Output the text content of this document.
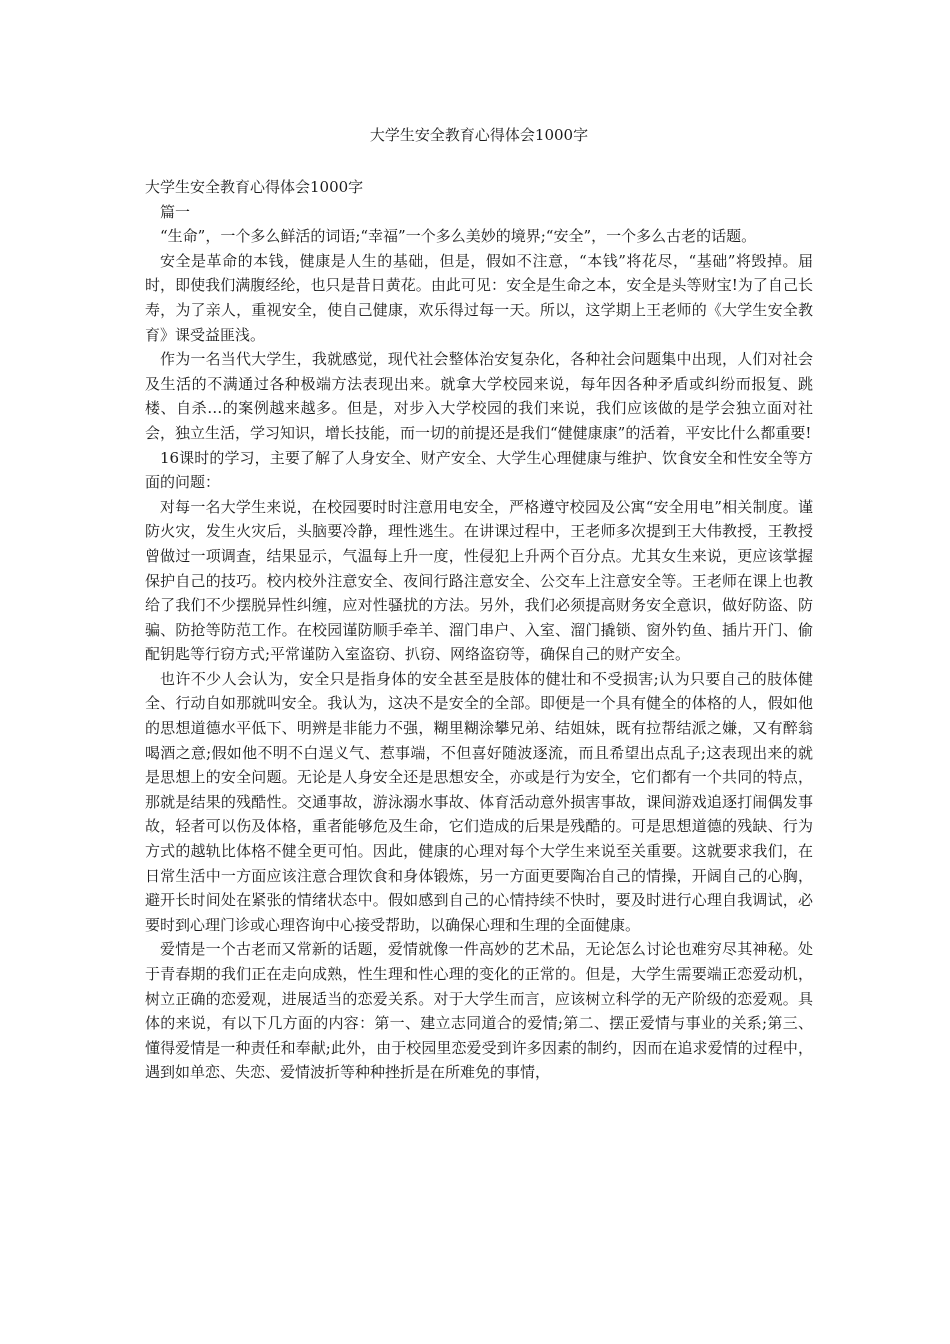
大学生安全教育心得体会1000字

大学生安全教育心得体会1000字

篇一

“生命”，一个多么鲜活的词语;“幸福”一个多么美妙的境界;“安全”，一个多么古老的话题。

安全是革命的本钱，健康是人生的基础，但是，假如不注意，“本钱”将花尽，“基础”将毁掉。届时，即使我们满腹经纶，也只是昔日黄花。由此可见：安全是生命之本，安全是头等财宝!为了自己长寿，为了亲人，重视安全，使自己健康，欢乐得过每一天。所以，这学期上王老师的《大学生安全教育》课受益匪浅。

作为一名当代大学生，我就感觉，现代社会整体治安复杂化，各种社会问题集中出现，人们对社会及生活的不满通过各种极端方法表现出来。就拿大学校园来说，每年因各种矛盾或纠纷而报复、跳楼、自杀…的案例越来越多。但是，对步入大学校园的我们来说，我们应该做的是学会独立面对社会，独立生活，学习知识，增长技能，而一切的前提还是我们“健健康康”的活着，平安比什么都重要!

16课时的学习，主要了解了人身安全、财产安全、大学生心理健康与维护、饮食安全和性安全等方面的问题：

对每一名大学生来说，在校园要时时注意用电安全，严格遵守校园及公寓“安全用电”相关制度。谨防火灾，发生火灾后，头脑要冷静，理性逃生。在讲课过程中，王老师多次提到王大伟教授，王教授曾做过一项调查，结果显示，气温每上升一度，性侵犯上升两个百分点。尤其女生来说，更应该掌握保护自己的技巧。校内校外注意安全、夜间行路注意安全、公交车上注意安全等。王老师在课上也教给了我们不少摆脱异性纠缠，应对性骚扰的方法。另外，我们必须提高财务安全意识，做好防盗、防骗、防抢等防范工作。在校园谨防顺手牵羊、溜门串户、入室、溜门撬锁、窗外钓鱼、插片开门、偷配钥匙等行窃方式;平常谨防入室盗窃、扒窃、网络盗窃等，确保自己的财产安全。

也许不少人会认为，安全只是指身体的安全甚至是肢体的健壮和不受损害;认为只要自己的肢体健全、行动自如那就叫安全。我认为，这决不是安全的全部。即便是一个具有健全的体格的人，假如他的思想道德水平低下、明辨是非能力不强，糊里糊涂攀兄弟、结姐妹，既有拉帮结派之嫌，又有醉翁喝酒之意;假如他不明不白逞义气、惹事端，不但喜好随波逐流，而且希望出点乱子;这表现出来的就是思想上的安全问题。无论是人身安全还是思想安全，亦或是行为安全，它们都有一个共同的特点，那就是结果的残酷性。交通事故，游泳溺水事故、体育活动意外损害事故，课间游戏追逐打闹偶发事故，轻者可以伤及体格，重者能够危及生命，它们造成的后果是残酷的。可是思想道德的残缺、行为方式的越轨比体格不健全更可怕。因此，健康的心理对每个大学生来说至关重要。这就要求我们，在日常生活中一方面应该注意合理饮食和身体锻炼，另一方面更要陶冶自己的情操，开阔自己的心胸，避开长时间处在紧张的情绪状态中。假如感到自己的心情持续不快时，要及时进行心理自我调试，必要时到心理门诊或心理咨询中心接受帮助，以确保心理和生理的全面健康。

爱情是一个古老而又常新的话题，爱情就像一件高妙的艺术品，无论怎么讨论也难穷尽其神秘。处于青春期的我们正在走向成熟，性生理和性心理的变化的正常的。但是，大学生需要端正恋爱动机，树立正确的恋爱观，进展适当的恋爱关系。对于大学生而言，应该树立科学的无产阶级的恋爱观。具体的来说，有以下几方面的内容：第一、建立志同道合的爱情;第二、摆正爱情与事业的关系;第三、懂得爱情是一种责任和奉献;此外，由于校园里恋爱受到许多因素的制约，因而在追求爱情的过程中，遇到如单恋、失恋、爱情波折等种种挫折是在所难免的事情，
